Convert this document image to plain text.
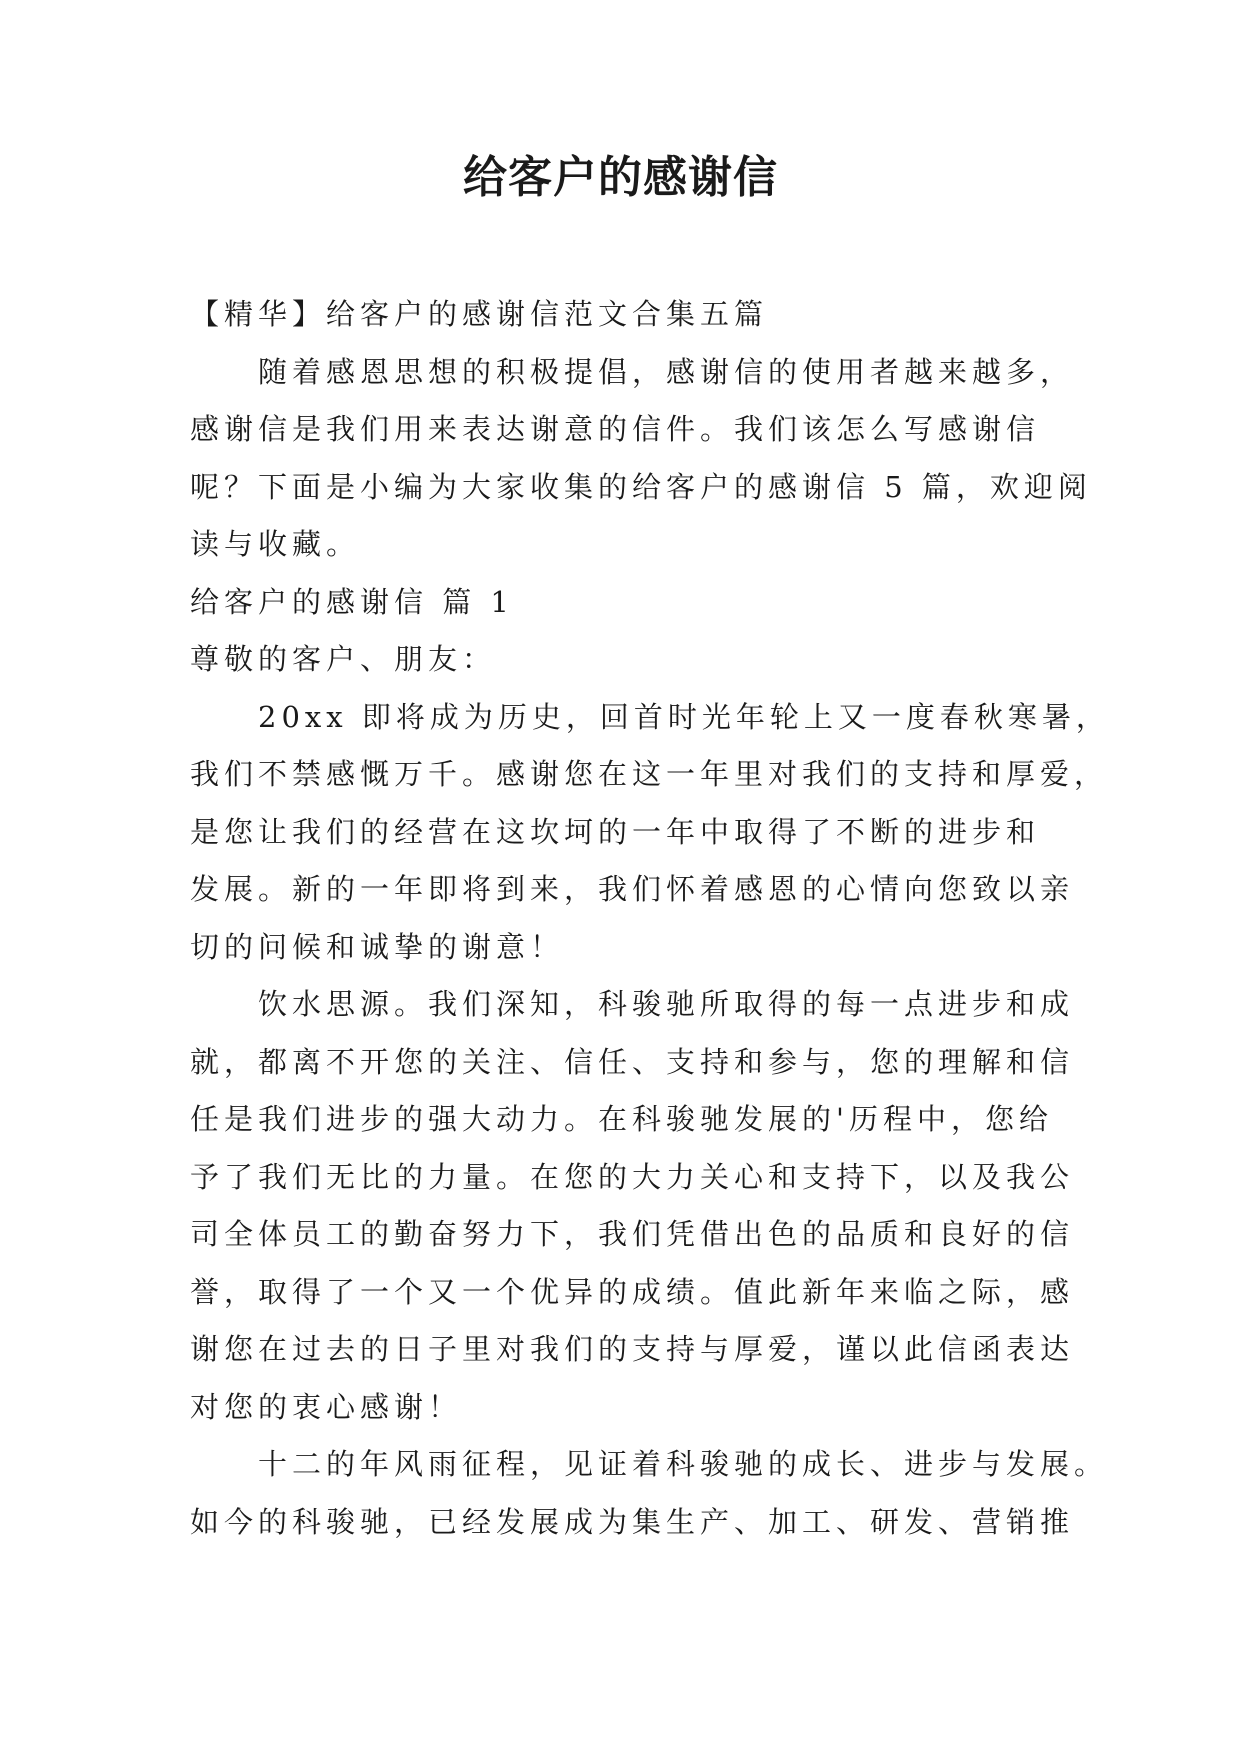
给客户的感谢信
【精华】给客户的感谢信范文合集五篇
随着感恩思想的积极提倡，感谢信的使用者越来越多，
感谢信是我们用来表达谢意的信件。我们该怎么写感谢信
呢？下面是小编为大家收集的给客户的感谢信 5 篇，欢迎阅
读与收藏。
给客户的感谢信 篇 1
尊敬的客户、朋友：
20xx 即将成为历史，回首时光年轮上又一度春秋寒暑，
我们不禁感慨万千。感谢您在这一年里对我们的支持和厚爱，
是您让我们的经营在这坎坷的一年中取得了不断的进步和
发展。新的一年即将到来，我们怀着感恩的心情向您致以亲
切的问候和诚挚的谢意！
饮水思源。我们深知，科骏驰所取得的每一点进步和成
就，都离不开您的关注、信任、支持和参与，您的理解和信
任是我们进步的强大动力。在科骏驰发展的'历程中，您给
予了我们无比的力量。在您的大力关心和支持下，以及我公
司全体员工的勤奋努力下，我们凭借出色的品质和良好的信
誉，取得了一个又一个优异的成绩。值此新年来临之际，感
谢您在过去的日子里对我们的支持与厚爱，谨以此信函表达
对您的衷心感谢！
十二的年风雨征程，见证着科骏驰的成长、进步与发展。
如今的科骏驰，已经发展成为集生产、加工、研发、营销推
